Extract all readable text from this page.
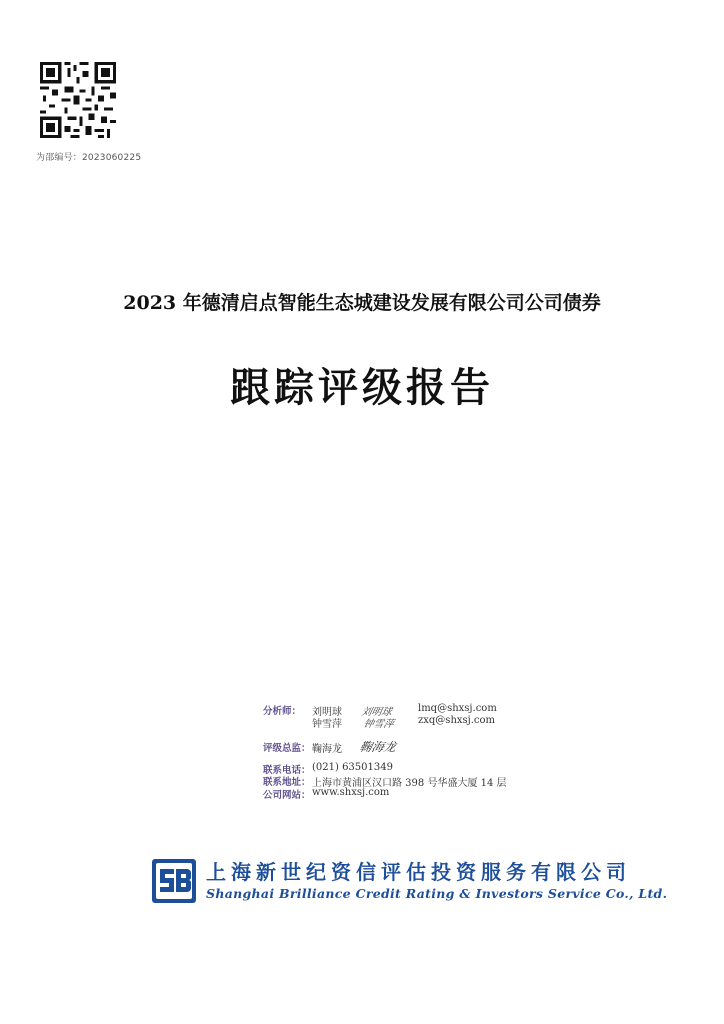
为邵编号：2023060225
2023 年德清启点智能生态城建设发展有限公司公司债券
跟踪评级报告
分析师： 刘明球 刘明球	lmq@shxsj.com
钟雪萍 钟雪萍 zxq@shxsj.com
评级总监： 鞠海龙 鞠海龙
联系电话： (021) 63501349
联系地址： 上海市黄浦区汉口路 398 号华盛大厦 14 层
公司网站： www.shxsj.com
上海新世纪资信评估投资服务有限公司
Shanghai Brilliance Credit Rating & Investors Service Co., Ltd.
